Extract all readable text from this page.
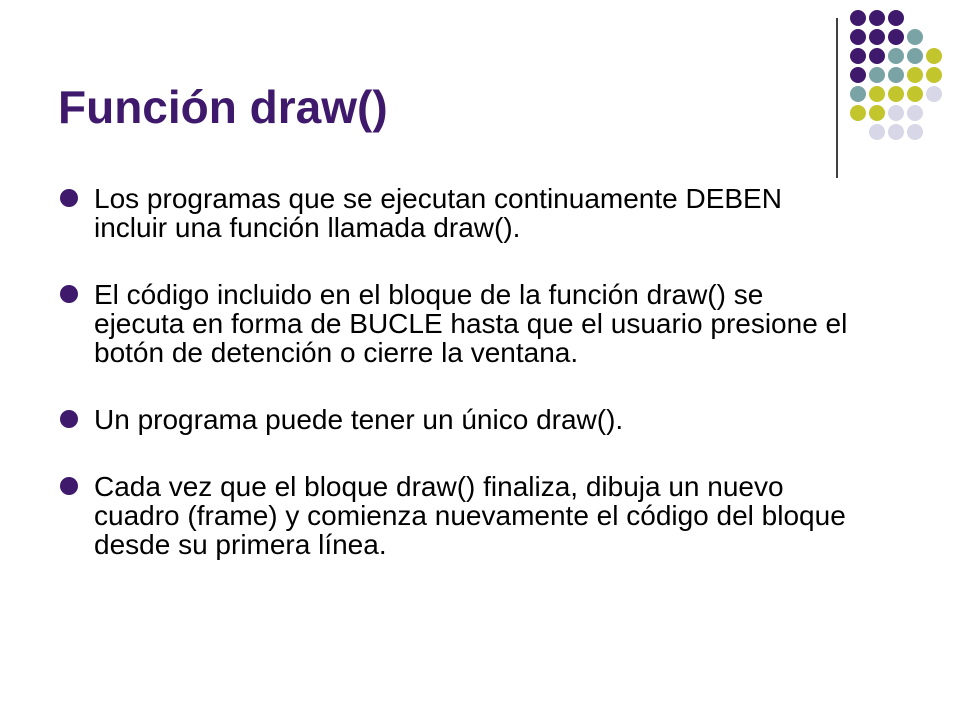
Función draw()
Los programas que se ejecutan continuamente DEBEN incluir una función llamada draw().
El código incluido en el bloque de la función draw() se ejecuta en forma de BUCLE hasta que el usuario presione el botón de detención o cierre la ventana.
Un programa puede tener un único draw().
Cada vez que el bloque draw() finaliza, dibuja un nuevo cuadro (frame) y comienza nuevamente el código del bloque desde su primera línea.
